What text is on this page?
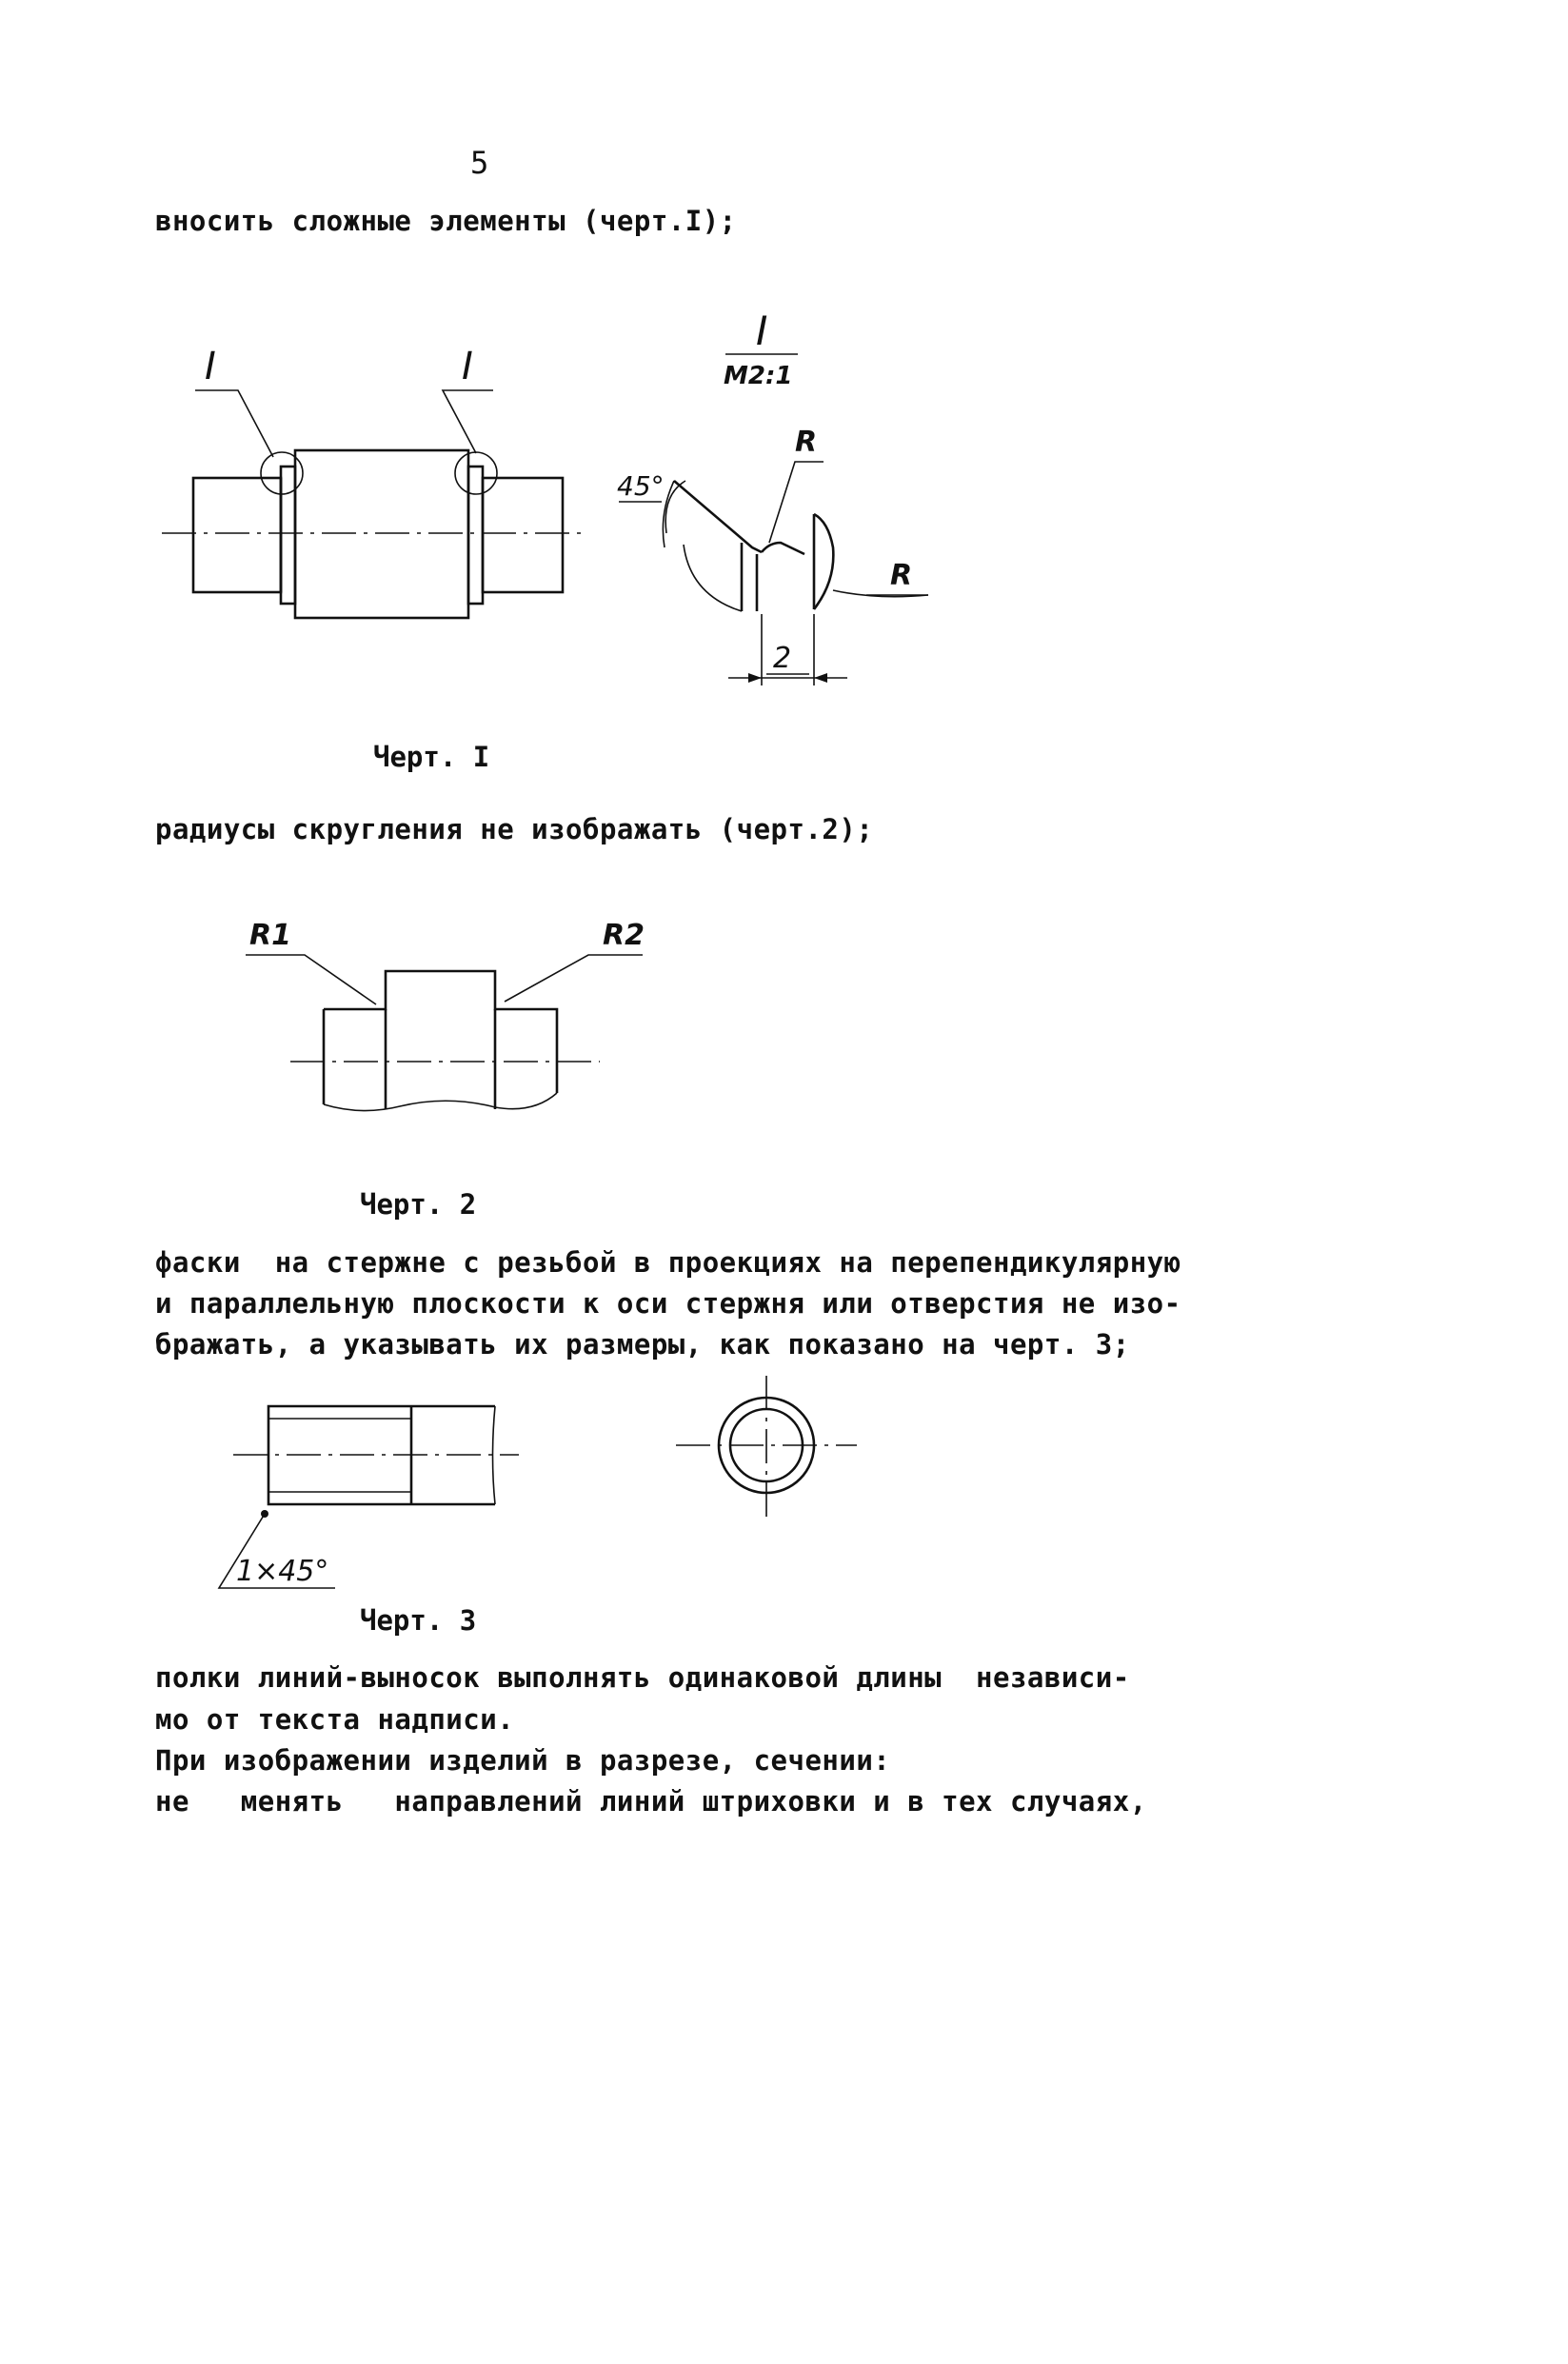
5
вносить сложные элементы (черт.I);
I	I
I
M2:1
2
R
R
45°
Черт. I
радиусы скругления не изображать (черт.2);
R1	R2
Черт. 2
фаски  на стержне с резьбой в проекциях на перепендикулярную
и параллельную плоскости к оси стержня или отверстия не изо-
бражать, а указывать их размеры, как показано на черт. 3;
1×45°
Черт. 3
полки линий-выносок выполнять одинаковой длины  независи-
мо от текста надписи.
При изображении изделий в разрезе, сечении:
не   менять   направлений линий штриховки и в тех случаях,
